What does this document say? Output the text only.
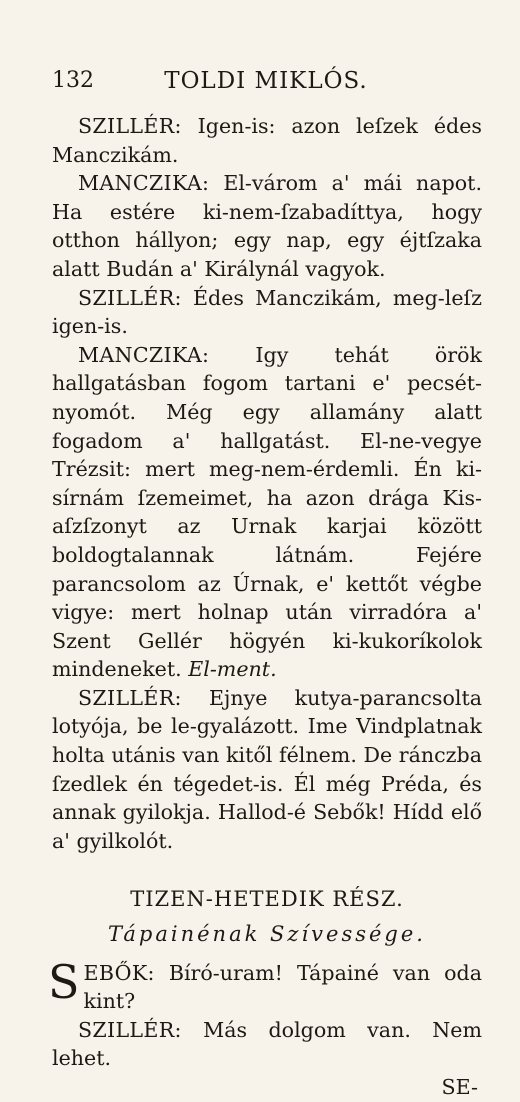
132	TOLDI MIKLÓS.

SZILLÉR: Igen-is: azon leſzek édes Manczikám.

MANCZIKA: El-várom a' mái napot. Ha estére ki-nem-ſzabadíttya, hogy otthon hállyon; egy nap, egy éjtſzaka alatt Budán a' Királynál vagyok.

SZILLÉR: Édes Manczikám, meg-leſz igen-is.

MANCZIKA: Igy tehát örök hallgatásban fogom tartani e' pecsét-nyomót. Még egy allamány alatt fogadom a' hallgatást. El-ne-vegye Trézsit: mert meg-nem-érdemli. Én ki-sírnám ſzemeimet, ha azon drága Kis-aſzſzonyt az Urnak karjai között boldogtalannak látnám. Fejére parancsolom az Úrnak, e' kettőt végbe vigye: mert holnap után virradóra a' Szent Gellér högyén ki-kukoríkolok mindeneket. El-ment.

SZILLÉR: Ejnye kutya-parancsolta lotyója, be le-gyalázott. Ime Vindplatnak holta utánis van kitől félnem. De ránczba ſzedlek én tégedet-is. Él még Préda, és annak gyilokja. Hallod-é Sebők! Hídd elő a' gyilkolót.

TIZEN-HETEDIK RÉSZ.
Tápainénak Szívessége.

SEBŐK: Bíró-uram! Tápainé van oda kint?

SZILLÉR: Más dolgom van. Nem lehet.

SE-
